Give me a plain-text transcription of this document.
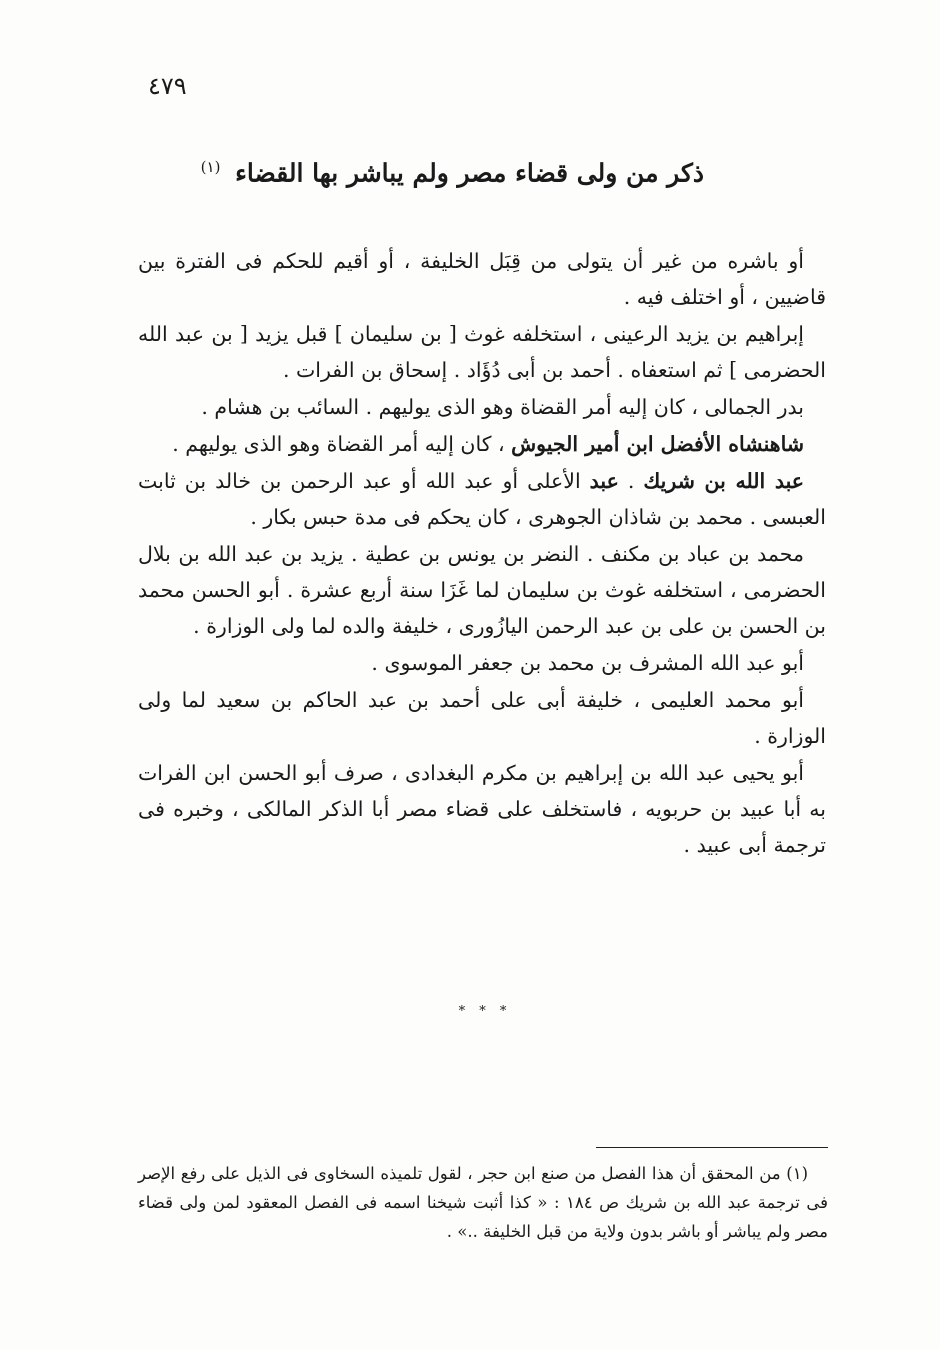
٤٧٩
ذكر من ولى قضاء مصر ولم يباشر بها القضاء $^{(١)}$

أو باشره من غير أن يتولى من قِبَل الخليفة ، أو أقيم للحكم فى الفترة بين قاضيين ، أو اختلف فيه .

إبراهيم بن يزيد الرعينى ، استخلفه غوث [ بن سليمان ] قبل يزيد [ بن عبد الله الحضرمى ] ثم استعفاه . أحمد بن أبى دُؤَاد . إسحاق بن الفرات .

بدر الجمالى ، كان إليه أمر القضاة وهو الذى يوليهم . السائب بن هشام .

شاهنشاه الأفضل ابن أمير الجيوش ، كان إليه أمر القضاة وهو الذى يوليهم .

عبد الله بن شريك . عبد الأعلى أو عبد الله أو عبد الرحمن بن خالد بن ثابت العبسى . محمد بن شاذان الجوهرى ، كان يحكم فى مدة حبس بكار .

محمد بن عباد بن مكنف . النضر بن يونس بن عطية . يزيد بن عبد الله بن بلال الحضرمى ، استخلفه غوث بن سليمان لما غَزَا سنة أربع عشرة . أبو الحسن محمد بن الحسن بن على بن عبد الرحمن اليازُورى ، خليفة والده لما ولى الوزارة .

أبو عبد الله المشرف بن محمد بن جعفر الموسوى .

أبو محمد العليمى ، خليفة أبى على أحمد بن عبد الحاكم بن سعيد لما ولى الوزارة .

أبو يحيى عبد الله بن إبراهيم بن مكرم البغدادى ، صرف أبو الحسن ابن الفرات به أبا عبيد بن حربويه ، فاستخلف على قضاء مصر أبا الذكر المالكى ، وخبره فى ترجمة أبى عبيد .

* * *

(١) من المحقق أن هذا الفصل من صنع ابن حجر ، لقول تلميذه السخاوى فى الذيل على رفع الإصر فى ترجمة عبد الله بن شريك ص ١٨٤ : « كذا أثبت شيخنا اسمه فى الفصل المعقود لمن ولى قضاء مصر ولم يباشر أو باشر بدون ولاية من قبل الخليفة ..» .
